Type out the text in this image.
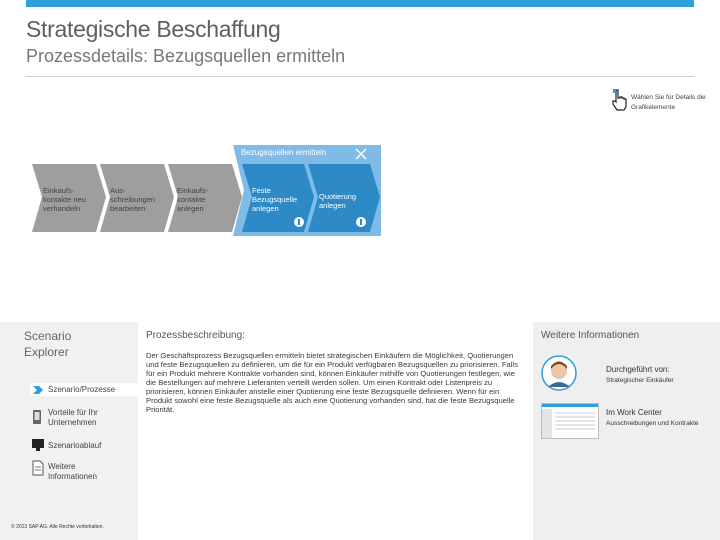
Strategische Beschaffung
Prozessdetails: Bezugsquellen ermitteln
Wählen Sie für Details die Grafikelemente
Bezugsquellen ermitteln
Einkaufs- kontakte neu verhandeln
Aus- schreibungen bearbeiten
Einkaufs- kontakte anlegen
Feste Bezugsquelle anlegen
Quotierung anlegen
Scenario
Explorer
Szenario/Prozesse
Vorteile für Ihr Unternehmen
Szenarioablauf
Weitere Informationen
© 2013 SAP AG. Alle Rechte vorbehalten.
Prozessbeschreibung:
Der Geschäftsprozess Bezugsquellen ermitteln bietet strategischen Einkäufern die Möglichkeit, Quotierungen und feste Bezugsquellen zu definieren, um die für ein Produkt verfügbaren Bezugsquellen zu priorisieren. Falls für ein Produkt mehrere Kontrakte vorhanden sind, können Einkäufer mithilfe von Quotierungen festlegen, wie die Bestellungen auf mehrere Lieferanten verteilt werden sollen. Um einen Kontrakt oder Listenpreis zu priorisieren, können Einkäufer anstelle einer Quotierung eine feste Bezugsquelle definieren. Wenn für ein Produkt sowohl eine feste Bezugsquelle als auch eine Quotierung vorhanden sind, hat die feste Bezugsquelle Priorität.
Weitere Informationen
Durchgeführt von:
Strategischer Einkäufer
Im Work Center
Ausschreibungen und Kontrakte
